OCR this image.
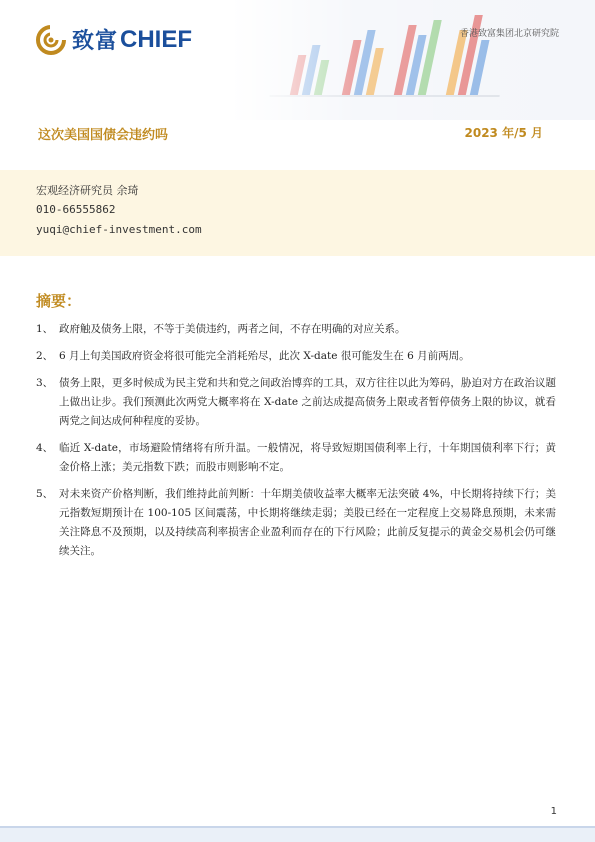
致富 CHIEF	香港致富集团北京研究院
这次美国国债会违约吗	2023 年/5 月
宏观经济研究员 余琦
010-66555862
yuqi@chief-investment.com
摘要：
1、 政府触及债务上限，不等于美债违约，两者之间，不存在明确的对应关系。
2、 6 月上旬美国政府资金将很可能完全消耗殆尽，此次 X-date 很可能发生在 6 月前两周。
3、 债务上限，更多时候成为民主党和共和党之间政治博弈的工具，双方往往以此为筹码，胁迫对方在政治议题上做出让步。我们预测此次两党大概率将在 X-date 之前达成提高债务上限或者暂停债务上限的协议，就看两党之间达成何种程度的妥协。
4、 临近 X-date，市场避险情绪将有所升温。一般情况，将导致短期国债利率上行，十年期国债利率下行；黄金价格上涨；美元指数下跌；而股市则影响不定。
5、 对未来资产价格判断，我们维持此前判断：十年期美债收益率大概率无法突破 4%，中长期将持续下行；美元指数短期预计在 100-105 区间震荡，中长期将继续走弱；美股已经在一定程度上交易降息预期，未来需关注降息不及预期，以及持续高利率损害企业盈利而存在的下行风险；此前反复提示的黄金交易机会仍可继续关注。
1
